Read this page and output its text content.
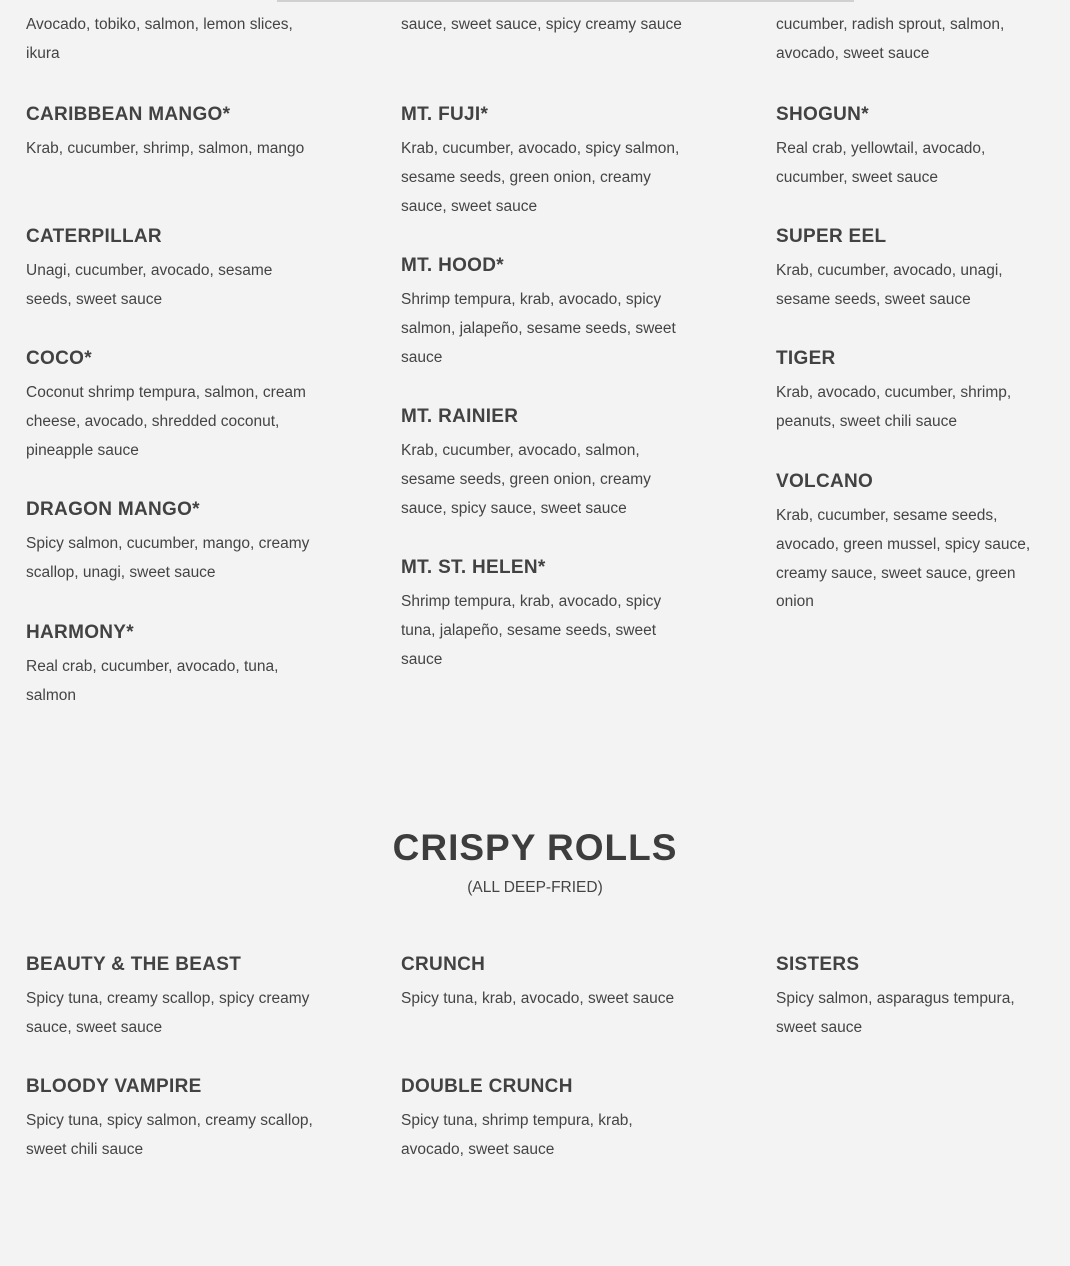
Avocado, tobiko, salmon, lemon slices, ikura
CARIBBEAN MANGO*
Krab, cucumber, shrimp, salmon, mango
CATERPILLAR
Unagi, cucumber, avocado, sesame seeds, sweet sauce
COCO*
Coconut shrimp tempura, salmon, cream cheese, avocado, shredded coconut, pineapple sauce
DRAGON MANGO*
Spicy salmon, cucumber, mango, creamy scallop, unagi, sweet sauce
HARMONY*
Real crab, cucumber, avocado, tuna, salmon
BEAUTY & THE BEAST
Spicy tuna, creamy scallop, spicy creamy sauce, sweet sauce
BLOODY VAMPIRE
Spicy tuna, spicy salmon, creamy scallop, sweet chili sauce
sauce, sweet sauce, spicy creamy sauce
MT. FUJI*
Krab, cucumber, avocado, spicy salmon, sesame seeds, green onion, creamy sauce, sweet sauce
MT. HOOD*
Shrimp tempura, krab, avocado, spicy salmon, jalapeño, sesame seeds, sweet sauce
MT. RAINIER
Krab, cucumber, avocado, salmon, sesame seeds, green onion, creamy sauce, spicy sauce, sweet sauce
MT. ST. HELEN*
Shrimp tempura, krab, avocado, spicy tuna, jalapeño, sesame seeds, sweet sauce
CRUNCH
Spicy tuna, krab, avocado, sweet sauce
DOUBLE CRUNCH
Spicy tuna, shrimp tempura, krab, avocado, sweet sauce
cucumber, radish sprout, salmon, avocado, sweet sauce
SHOGUN*
Real crab, yellowtail, avocado, cucumber, sweet sauce
SUPER EEL
Krab, cucumber, avocado, unagi, sesame seeds, sweet sauce
TIGER
Krab, avocado, cucumber, shrimp, peanuts, sweet chili sauce
VOLCANO
Krab, cucumber, sesame seeds, avocado, green mussel, spicy sauce, creamy sauce, sweet sauce, green onion
SISTERS
Spicy salmon, asparagus tempura, sweet sauce
CRISPY ROLLS
(ALL DEEP-FRIED)
